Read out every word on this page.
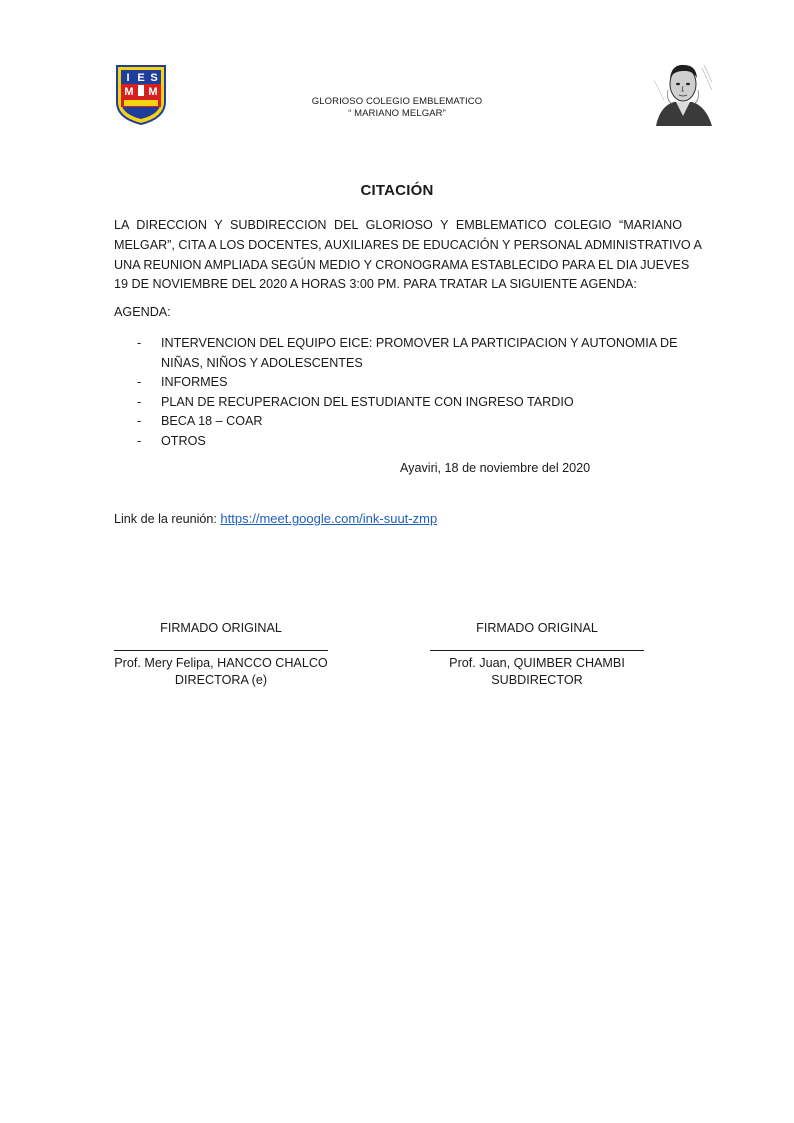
I E S
M M
GLORIOSO COLEGIO EMBLEMATICO
“ MARIANO MELGAR”
CITACIÓN
LA DIRECCION Y SUBDIRECCION DEL GLORIOSO Y EMBLEMATICO COLEGIO “MARIANO
MELGAR”, CITA A LOS DOCENTES, AUXILIARES DE EDUCACIÓN Y PERSONAL ADMINISTRATIVO A
UNA REUNION AMPLIADA SEGÚN MEDIO Y CRONOGRAMA ESTABLECIDO PARA EL DIA JUEVES
19 DE NOVIEMBRE DEL 2020 A HORAS 3:00 PM. PARA TRATAR LA SIGUIENTE AGENDA:
AGENDA:
- INTERVENCION DEL EQUIPO EICE: PROMOVER LA PARTICIPACION Y AUTONOMIA DE NIÑAS, NIÑOS Y ADOLESCENTES
- INFORMES
- PLAN DE RECUPERACION DEL ESTUDIANTE CON INGRESO TARDIO
- BECA 18 – COAR
- OTROS
Ayaviri, 18 de noviembre del 2020
Link de la reunión: https://meet.google.com/ink-suut-zmp
FIRMADO ORIGINAL
Prof. Mery Felipa, HANCCO CHALCO
DIRECTORA (e)
FIRMADO ORIGINAL
Prof. Juan, QUIMBER CHAMBI
SUBDIRECTOR
